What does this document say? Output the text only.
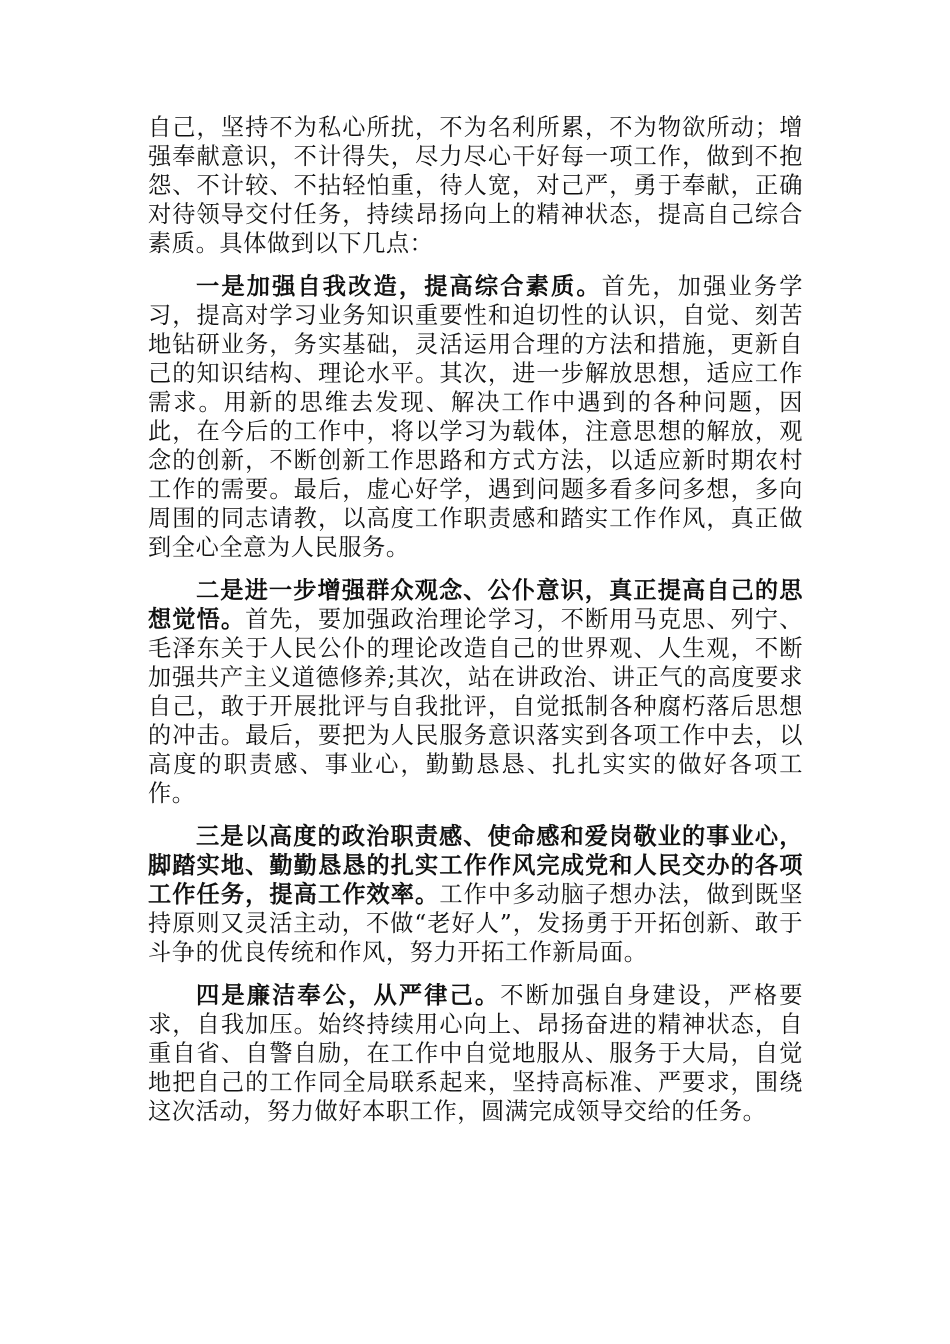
自己，坚持不为私心所扰，不为名利所累，不为物欲所动；增强奉献意识，不计得失，尽力尽心干好每一项工作，做到不抱怨、不计较、不拈轻怕重，待人宽，对己严，勇于奉献，正确对待领导交付任务，持续昂扬向上的精神状态，提高自己综合素质。具体做到以下几点：

一是加强自我改造，提高综合素质。首先，加强业务学习，提高对学习业务知识重要性和迫切性的认识，自觉、刻苦地钻研业务，务实基础，灵活运用合理的方法和措施，更新自己的知识结构、理论水平。其次，进一步解放思想，适应工作需求。用新的思维去发现、解决工作中遇到的各种问题，因此，在今后的工作中，将以学习为载体，注意思想的解放，观念的创新，不断创新工作思路和方式方法，以适应新时期农村工作的需要。最后，虚心好学，遇到问题多看多问多想，多向周围的同志请教，以高度工作职责感和踏实工作作风，真正做到全心全意为人民服务。

二是进一步增强群众观念、公仆意识，真正提高自己的思想觉悟。首先，要加强政治理论学习，不断用马克思、列宁、毛泽东关于人民公仆的理论改造自己的世界观、人生观，不断加强共产主义道德修养;其次，站在讲政治、讲正气的高度要求自己，敢于开展批评与自我批评，自觉抵制各种腐朽落后思想的冲击。最后，要把为人民服务意识落实到各项工作中去，以高度的职责感、事业心，勤勤恳恳、扎扎实实的做好各项工作。

三是以高度的政治职责感、使命感和爱岗敬业的事业心，脚踏实地、勤勤恳恳的扎实工作作风完成党和人民交办的各项工作任务，提高工作效率。工作中多动脑子想办法，做到既坚持原则又灵活主动，不做“老好人”，发扬勇于开拓创新、敢于斗争的优良传统和作风，努力开拓工作新局面。

四是廉洁奉公，从严律己。不断加强自身建设，严格要求，自我加压。始终持续用心向上、昂扬奋进的精神状态，自重自省、自警自励，在工作中自觉地服从、服务于大局，自觉地把自己的工作同全局联系起来，坚持高标准、严要求，围绕这次活动，努力做好本职工作，圆满完成领导交给的任务。
